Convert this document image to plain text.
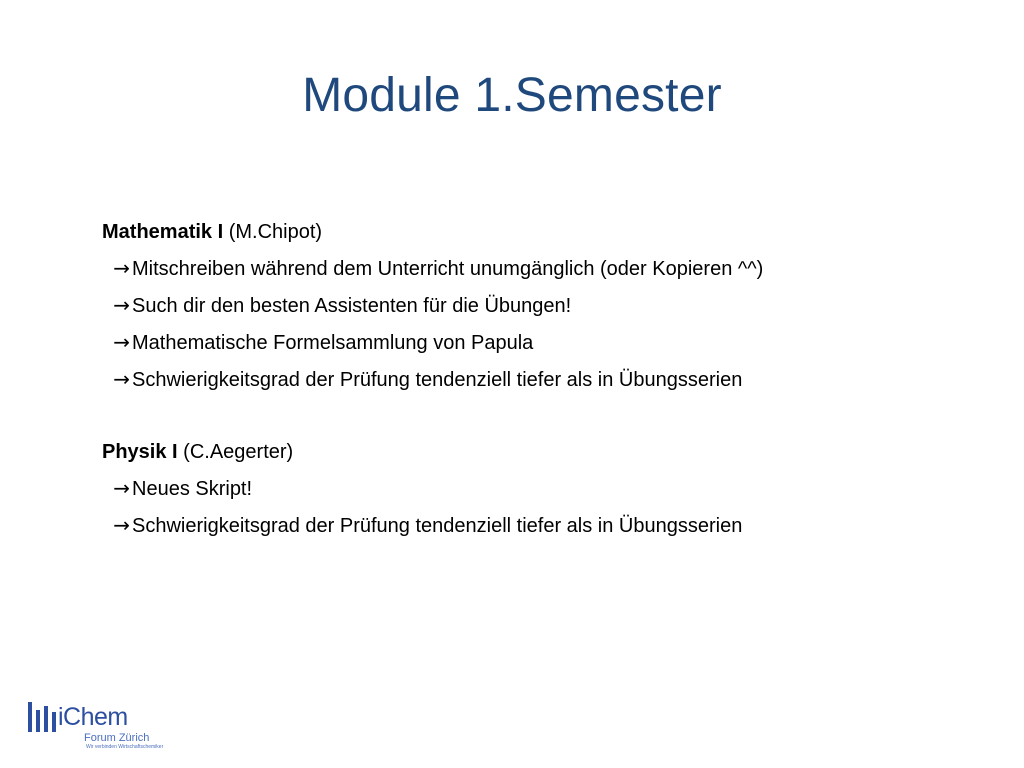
Module 1.Semester
Mathematik I (M.Chipot)
→ Mitschreiben während dem Unterricht unumgänglich (oder Kopieren ^^)
→ Such dir den besten Assistenten für die Übungen!
→ Mathematische Formelsammlung von Papula
→ Schwierigkeitsgrad der Prüfung tendenziell tiefer als in Übungsserien
Physik I (C.Aegerter)
→ Neues Skript!
→ Schwierigkeitsgrad der Prüfung tendenziell tiefer als in Übungsserien
iChem
Forum Zürich
Wir verbinden Wirtschaftschemiker
